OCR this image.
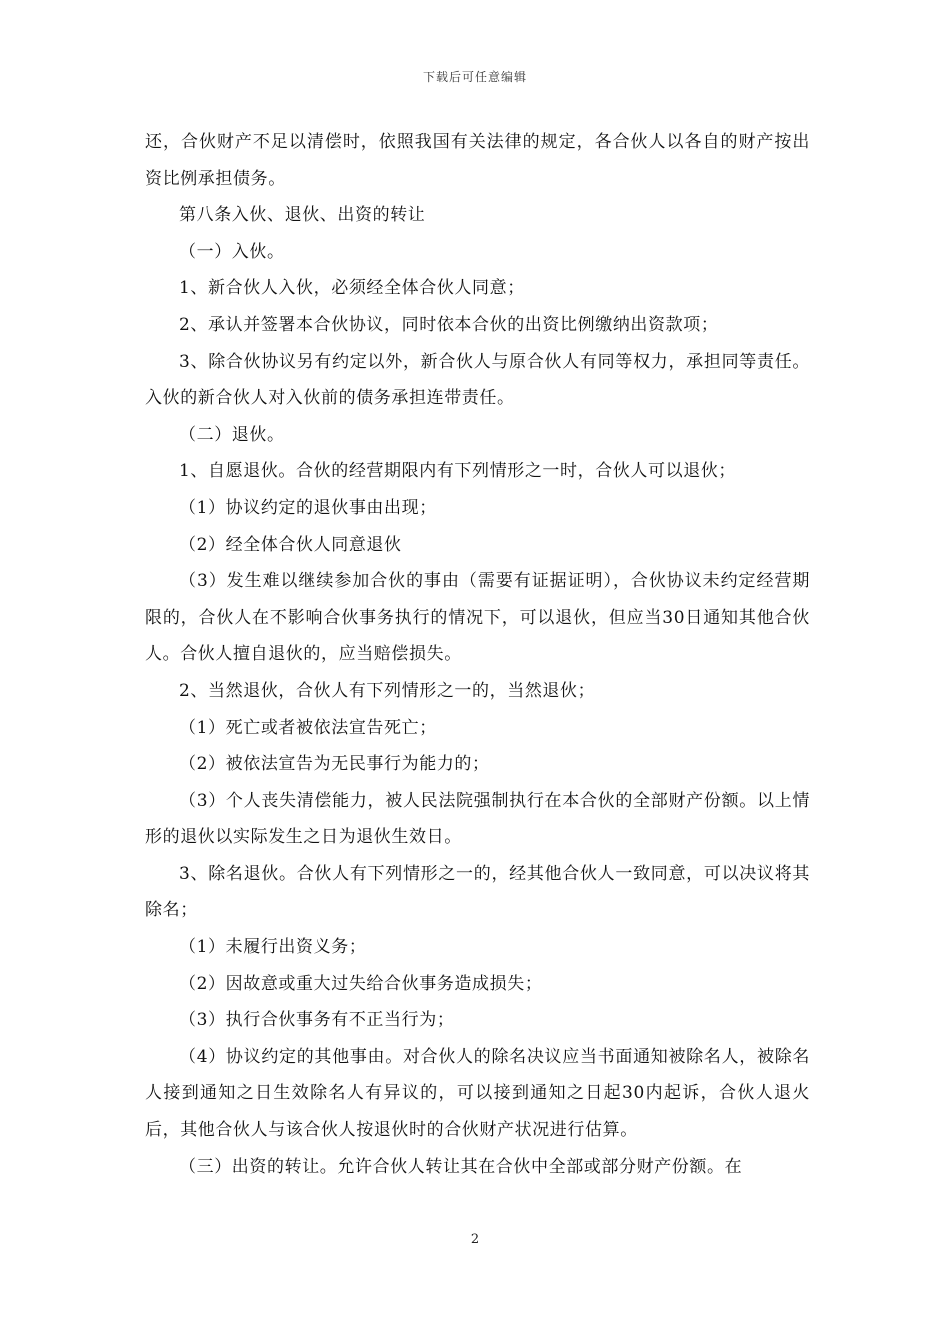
下载后可任意编辑

还，合伙财产不足以清偿时，依照我国有关法律的规定，各合伙人以各自的财产按出资比例承担债务。

第八条入伙、退伙、出资的转让

（一）入伙。

1、新合伙人入伙，必须经全体合伙人同意；

2、承认并签署本合伙协议，同时依本合伙的出资比例缴纳出资款项；

3、除合伙协议另有约定以外，新合伙人与原合伙人有同等权力，承担同等责任。入伙的新合伙人对入伙前的债务承担连带责任。

（二）退伙。

1、自愿退伙。合伙的经营期限内有下列情形之一时，合伙人可以退伙；

（1）协议约定的退伙事由出现；

（2）经全体合伙人同意退伙

（3）发生难以继续参加合伙的事由（需要有证据证明），合伙协议未约定经营期限的，合伙人在不影响合伙事务执行的情况下，可以退伙，但应当30日通知其他合伙人。合伙人擅自退伙的，应当赔偿损失。

2、当然退伙，合伙人有下列情形之一的，当然退伙；

（1）死亡或者被依法宣告死亡；

（2）被依法宣告为无民事行为能力的；

（3）个人丧失清偿能力，被人民法院强制执行在本合伙的全部财产份额。以上情形的退伙以实际发生之日为退伙生效日。

3、除名退伙。合伙人有下列情形之一的，经其他合伙人一致同意，可以决议将其除名；

（1）未履行出资义务；

（2）因故意或重大过失给合伙事务造成损失；

（3）执行合伙事务有不正当行为；

（4）协议约定的其他事由。对合伙人的除名决议应当书面通知被除名人，被除名人接到通知之日生效除名人有异议的，可以接到通知之日起30内起诉，合伙人退火后，其他合伙人与该合伙人按退伙时的合伙财产状况进行估算。

（三）出资的转让。允许合伙人转让其在合伙中全部或部分财产份额。在

2
